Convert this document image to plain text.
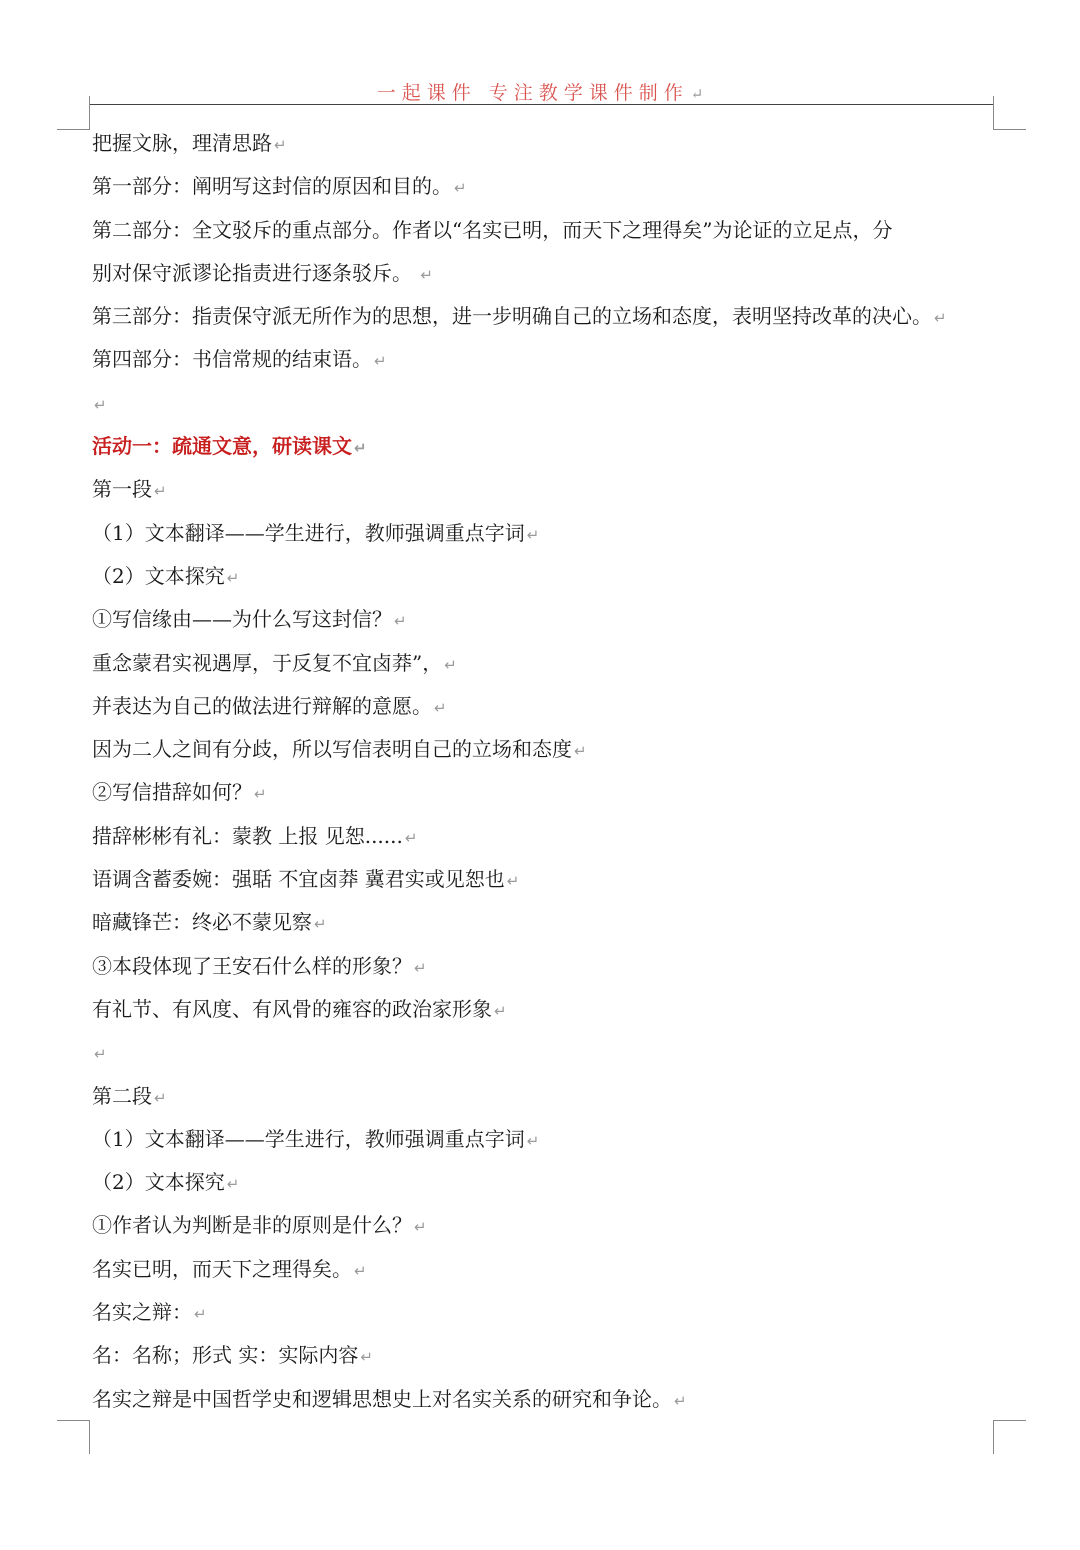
一起课件 专注教学课件制作 ↵
把握文脉，理清思路 ↵
第一部分：阐明写这封信的原因和目的。 ↵
第二部分：全文驳斥的重点部分。作者以“名实已明，而天下之理得矣”为论证的立足点，分
别对保守派谬论指责进行逐条驳斥。 ↵
第三部分：指责保守派无所作为的思想，进一步明确自己的立场和态度，表明坚持改革的决心。 ↵
第四部分：书信常规的结束语。 ↵
↵
活动一：疏通文意，研读课文 ↵
第一段 ↵
（1）文本翻译——学生进行，教师强调重点字词 ↵
（2）文本探究 ↵
①写信缘由——为什么写这封信？ ↵
重念蒙君实视遇厚，于反复不宜卤莽”， ↵
并表达为自己的做法进行辩解的意愿。 ↵
因为二人之间有分歧，所以写信表明自己的立场和态度 ↵
②写信措辞如何？ ↵
措辞彬彬有礼：蒙教 上报 见恕...... ↵
语调含蓄委婉：强聒 不宜卤莽 冀君实或见恕也 ↵
暗藏锋芒：终必不蒙见察 ↵
③本段体现了王安石什么样的形象？ ↵
有礼节、有风度、有风骨的雍容的政治家形象 ↵
↵
第二段 ↵
（1）文本翻译——学生进行，教师强调重点字词 ↵
（2）文本探究 ↵
①作者认为判断是非的原则是什么？ ↵
名实已明，而天下之理得矣。 ↵
名实之辩： ↵
名：名称；形式 实：实际内容 ↵
名实之辩是中国哲学史和逻辑思想史上对名实关系的研究和争论。 ↵
